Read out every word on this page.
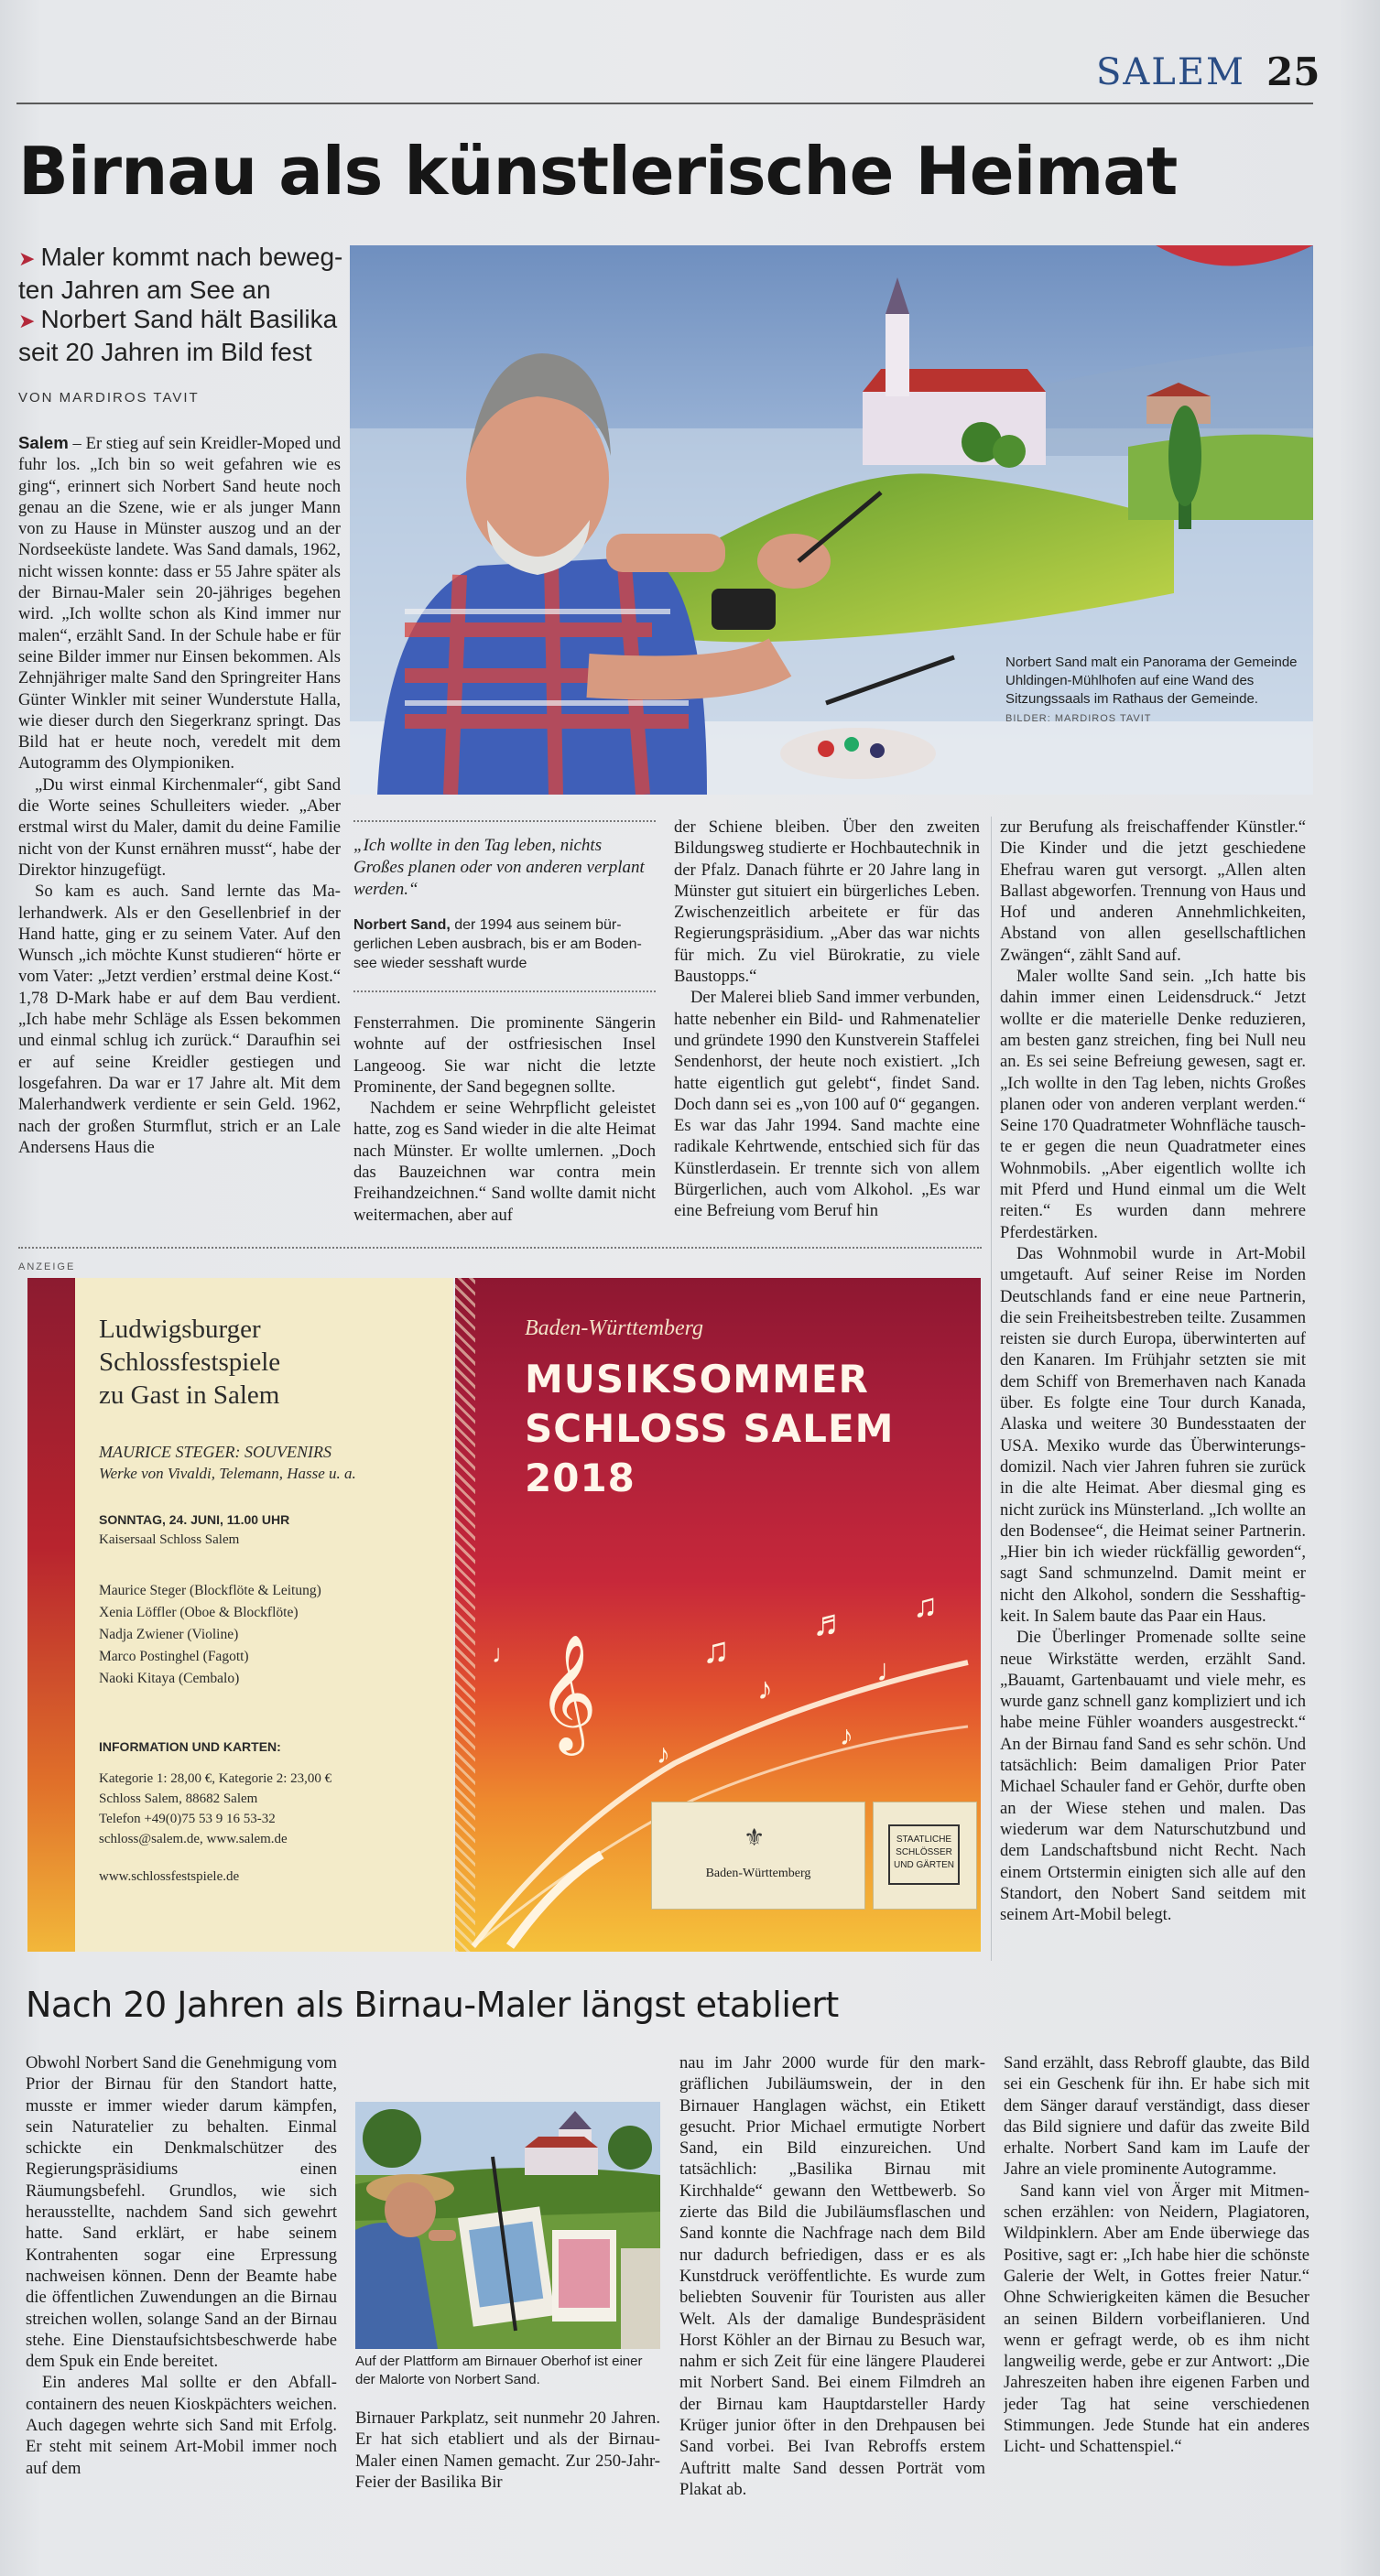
SALEM 25
Birnau als künstlerische Heimat
➤ Maler kommt nach bewegten Jahren am See an
➤ Norbert Sand hält Basilika seit 20 Jahren im Bild fest
VON MARDIROS TAVIT
Norbert Sand malt ein Panorama der Gemeinde Uhldingen-Mühlhofen auf eine Wand des Sitzungssaals im Rathaus der Gemeinde. BILDER: MARDIROS TAVIT

Salem – Er stieg auf sein Kreidler-Moped und fuhr los. „Ich bin so weit gefahren wie es ging“, erinnert sich Norbert Sand heute noch genau an die Szene, wie er als junger Mann von zu Hause in Münster auszog und an der Nordseeküste landete. Was Sand damals, 1962, nicht wissen konnte: dass er 55 Jahre später als der Birnau-Maler sein 20-jähriges begehen wird. „Ich wollte schon als Kind immer nur malen“, erzählt Sand. In der Schule habe er für seine Bilder immer nur Einsen bekommen. Als Zehnjähriger malte Sand den Springreiter Hans Günter Winkler mit seiner Wunderstute Halla, wie dieser durch den Siegerkranz springt. Das Bild hat er heute noch, veredelt mit dem Autogramm des Olympioniken.

„Du wirst einmal Kirchenmaler“, gibt Sand die Worte seines Schulleiters wieder. „Aber erstmal wirst du Maler, damit du deine Familie nicht von der Kunst ernähren musst“, habe der Direktor hinzugefügt.

So kam es auch. Sand lernte das Malerhandwerk. Als er den Gesellenbrief in der Hand hatte, ging er zu seinem Vater. Auf den Wunsch „ich möchte Kunst studieren“ hörte er vom Vater: „Jetzt verdien’ erstmal deine Kost.“ 1,78 D-Mark habe er auf dem Bau verdient. „Ich habe mehr Schläge als Essen bekommen und einmal schlug ich zurück.“ Daraufhin sei er auf seine Kreidler gestiegen und losgefahren. Da war er 17 Jahre alt. Mit dem Malerhandwerk verdiente er sein Geld. 1962, nach der großen Sturmflut, strich er an Lale Andersens Haus die

„Ich wollte in den Tag leben, nichts Großes planen oder von anderen verplant werden.“
Norbert Sand, der 1994 aus seinem bürgerlichen Leben ausbrach, bis er am Bodensee wieder sesshaft wurde

Fensterrahmen. Die prominente Sängerin wohnte auf der ostfriesischen Insel Langeoog. Sie war nicht die letzte Prominente, der Sand begegnen sollte.

Nachdem er seine Wehrpflicht geleistet hatte, zog es Sand wieder in die alte Heimat nach Münster. Er wollte umlernen. „Doch das Bauzeichnen war contra mein Freihandzeichnen.“ Sand wollte damit nicht weitermachen, aber auf

der Schiene bleiben. Über den zweiten Bildungsweg studierte er Hochbautechnik in der Pfalz. Danach führte er 20 Jahre lang in Münster gut situiert ein bürgerliches Leben. Zwischenzeitlich arbeitete er für das Regierungspräsidium. „Aber das war nichts für mich. Zu viel Bürokratie, zu viele Baustopps.“

Der Malerei blieb Sand immer verbunden, hatte nebenher ein Bild- und Rahmenatelier und gründete 1990 den Kunstverein Staffelei Sendenhorst, der heute noch existiert. „Ich hatte eigentlich gut gelebt“, findet Sand. Doch dann sei es „von 100 auf 0“ gegangen. Es war das Jahr 1994. Sand machte eine radikale Kehrtwende, entschied sich für das Künstlerdasein. Er trennte sich von allem Bürgerlichen, auch vom Alkohol. „Es war eine Befreiung vom Beruf hin

zur Berufung als freischaffender Künstler.“ Die Kinder und die jetzt geschiedene Ehefrau waren gut versorgt. „Allen alten Ballast abgeworfen. Trennung von Haus und Hof und anderen Annehmlichkeiten, Abstand von allen gesellschaftlichen Zwängen“, zählt Sand auf.

Maler wollte Sand sein. „Ich hatte bis dahin immer einen Leidensdruck.“ Jetzt wollte er die materielle Denke reduzieren, am besten ganz streichen, fing bei Null neu an. Es sei seine Befreiung gewesen, sagt er. „Ich wollte in den Tag leben, nichts Großes planen oder von anderen verplant werden.“ Seine 170 Quadratmeter Wohnfläche tauschte er gegen die neun Quadratmeter eines Wohnmobils. „Aber eigentlich wollte ich mit Pferd und Hund einmal um die Welt reiten.“ Es wurden dann mehrere Pferdestärken.

Das Wohnmobil wurde in Art-Mobil umgetauft. Auf seiner Reise im Norden Deutschlands fand er eine neue Partnerin, die sein Freiheitsbestreben teilte. Zusammen reisten sie durch Europa, überwinterten auf den Kanaren. Im Frühjahr setzten sie mit dem Schiff von Bremerhaven nach Kanada über. Es folgte eine Tour durch Kanada, Alaska und weitere 30 Bundesstaaten der USA. Mexiko wurde das Überwinterungsdomizil. Nach vier Jahren fuhren sie zurück in die alte Heimat. Aber diesmal ging es nicht zurück ins Münsterland. „Ich wollte an den Bodensee“, die Heimat seiner Partnerin. „Hier bin ich wieder rückfällig geworden“, sagt Sand schmunzelnd. Damit meint er nicht den Alkohol, sondern die Sesshaftigkeit. In Salem baute das Paar ein Haus.

Die Überlinger Promenade sollte seine neue Wirkstätte werden, erzählt Sand. „Bauamt, Gartenbauamt und viele mehr, es wurde ganz schnell ganz kompliziert und ich habe meine Fühler woanders ausgestreckt.“ An der Birnau fand Sand es sehr schön. Und tatsächlich: Beim damaligen Prior Pater Michael Schauler fand er Gehör, durfte oben an der Wiese stehen und malen. Das wiederum war dem Naturschutzbund und dem Landschaftsbund nicht Recht. Nach einem Ortstermin einigten sich alle auf den Standort, den Nobert Sand seitdem mit seinem Art-Mobil belegt.

ANZEIGE
Ludwigsburger
Schlossfestspiele
zu Gast in Salem
MAURICE STEGER: SOUVENIRS
Werke von Vivaldi, Telemann, Hasse u. a.
SONNTAG, 24. JUNI, 11.00 UHR
Kaisersaal Schloss Salem
Maurice Steger (Blockflöte & Leitung)
Xenia Löffler (Oboe & Blockflöte)
Nadja Zwiener (Violine)
Marco Postinghel (Fagott)
Naoki Kitaya (Cembalo)
INFORMATION UND KARTEN:
Kategorie 1: 28,00 €, Kategorie 2: 23,00 €
Schloss Salem, 88682 Salem
Telefon +49(0)75 53 9 16 53-32
schloss@salem.de, www.salem.de
www.schlossfestspiele.de
Baden-Württemberg
MUSIKSOMMER
SCHLOSS SALEM
2018
𝄞	♫
♪
♬
♩
♫
♪
♪
♩
⚜
Baden-Württemberg
STAATLICHE
SCHLÖSSER
UND GÄRTEN
Nach 20 Jahren als Birnau-Maler längst etabliert

Obwohl Norbert Sand die Genehmigung vom Prior der Birnau für den Standort hatte, musste er immer wieder darum kämpfen, sein Naturatelier zu behalten. Einmal schickte ein Denkmalschützer des Regierungspräsidiums einen Räumungsbefehl. Grundlos, wie sich herausstellte, nachdem Sand sich gewehrt hatte. Sand erklärt, er habe seinem Kontrahenten sogar eine Erpressung nachweisen können. Denn der Beamte habe die öffentlichen Zuwendungen an die Birnau streichen wollen, solange Sand an der Birnau stehe. Eine Dienstaufsichtsbeschwerde habe dem Spuk ein Ende bereitet.

Ein anderes Mal sollte er den Abfallcontainern des neuen Kioskpächters weichen. Auch dagegen wehrte sich Sand mit Erfolg. Er steht mit seinem Art-Mobil immer noch auf dem

Auf der Plattform am Birnauer Oberhof ist einer der Malorte von Norbert Sand.

Birnauer Parkplatz, seit nunmehr 20 Jahren. Er hat sich etabliert und als der Birnau-Maler einen Namen gemacht. Zur 250-Jahr-Feier der Basilika Bir

nau im Jahr 2000 wurde für den markgräflichen Jubiläumswein, der in den Birnauer Hanglagen wächst, ein Etikett gesucht. Prior Michael ermutigte Norbert Sand, ein Bild einzureichen. Und tatsächlich: „Basilika Birnau mit Kirchhalde“ gewann den Wettbewerb. So zierte das Bild die Jubiläumsflaschen und Sand konnte die Nachfrage nach dem Bild nur dadurch befriedigen, dass er es als Kunstdruck veröffentlichte. Es wurde zum beliebten Souvenir für Touristen aus aller Welt. Als der damalige Bundespräsident Horst Köhler an der Birnau zu Besuch war, nahm er sich Zeit für eine längere Plauderei mit Norbert Sand. Bei einem Filmdreh an der Birnau kam Hauptdarsteller Hardy Krüger junior öfter in den Drehpausen bei Sand vorbei. Bei Ivan Rebroffs erstem Auftritt malte Sand dessen Porträt vom Plakat ab.

Sand erzählt, dass Rebroff glaubte, das Bild sei ein Geschenk für ihn. Er habe sich mit dem Sänger darauf verständigt, dass dieser das Bild signiere und dafür das zweite Bild erhalte. Norbert Sand kam im Laufe der Jahre an viele prominente Autogramme.

Sand kann viel von Ärger mit Mitmenschen erzählen: von Neidern, Plagiatoren, Wildpinklern. Aber am Ende überwiege das Positive, sagt er: „Ich habe hier die schönste Galerie der Welt, in Gottes freier Natur.“ Ohne Schwierigkeiten kämen die Besucher an seinen Bildern vorbeiflanieren. Und wenn er gefragt werde, ob es ihm nicht langweilig werde, gebe er zur Antwort: „Die Jahreszeiten haben ihre eigenen Farben und jeder Tag hat seine verschiedenen Stimmungen. Jede Stunde hat ein anderes Licht- und Schattenspiel.“
